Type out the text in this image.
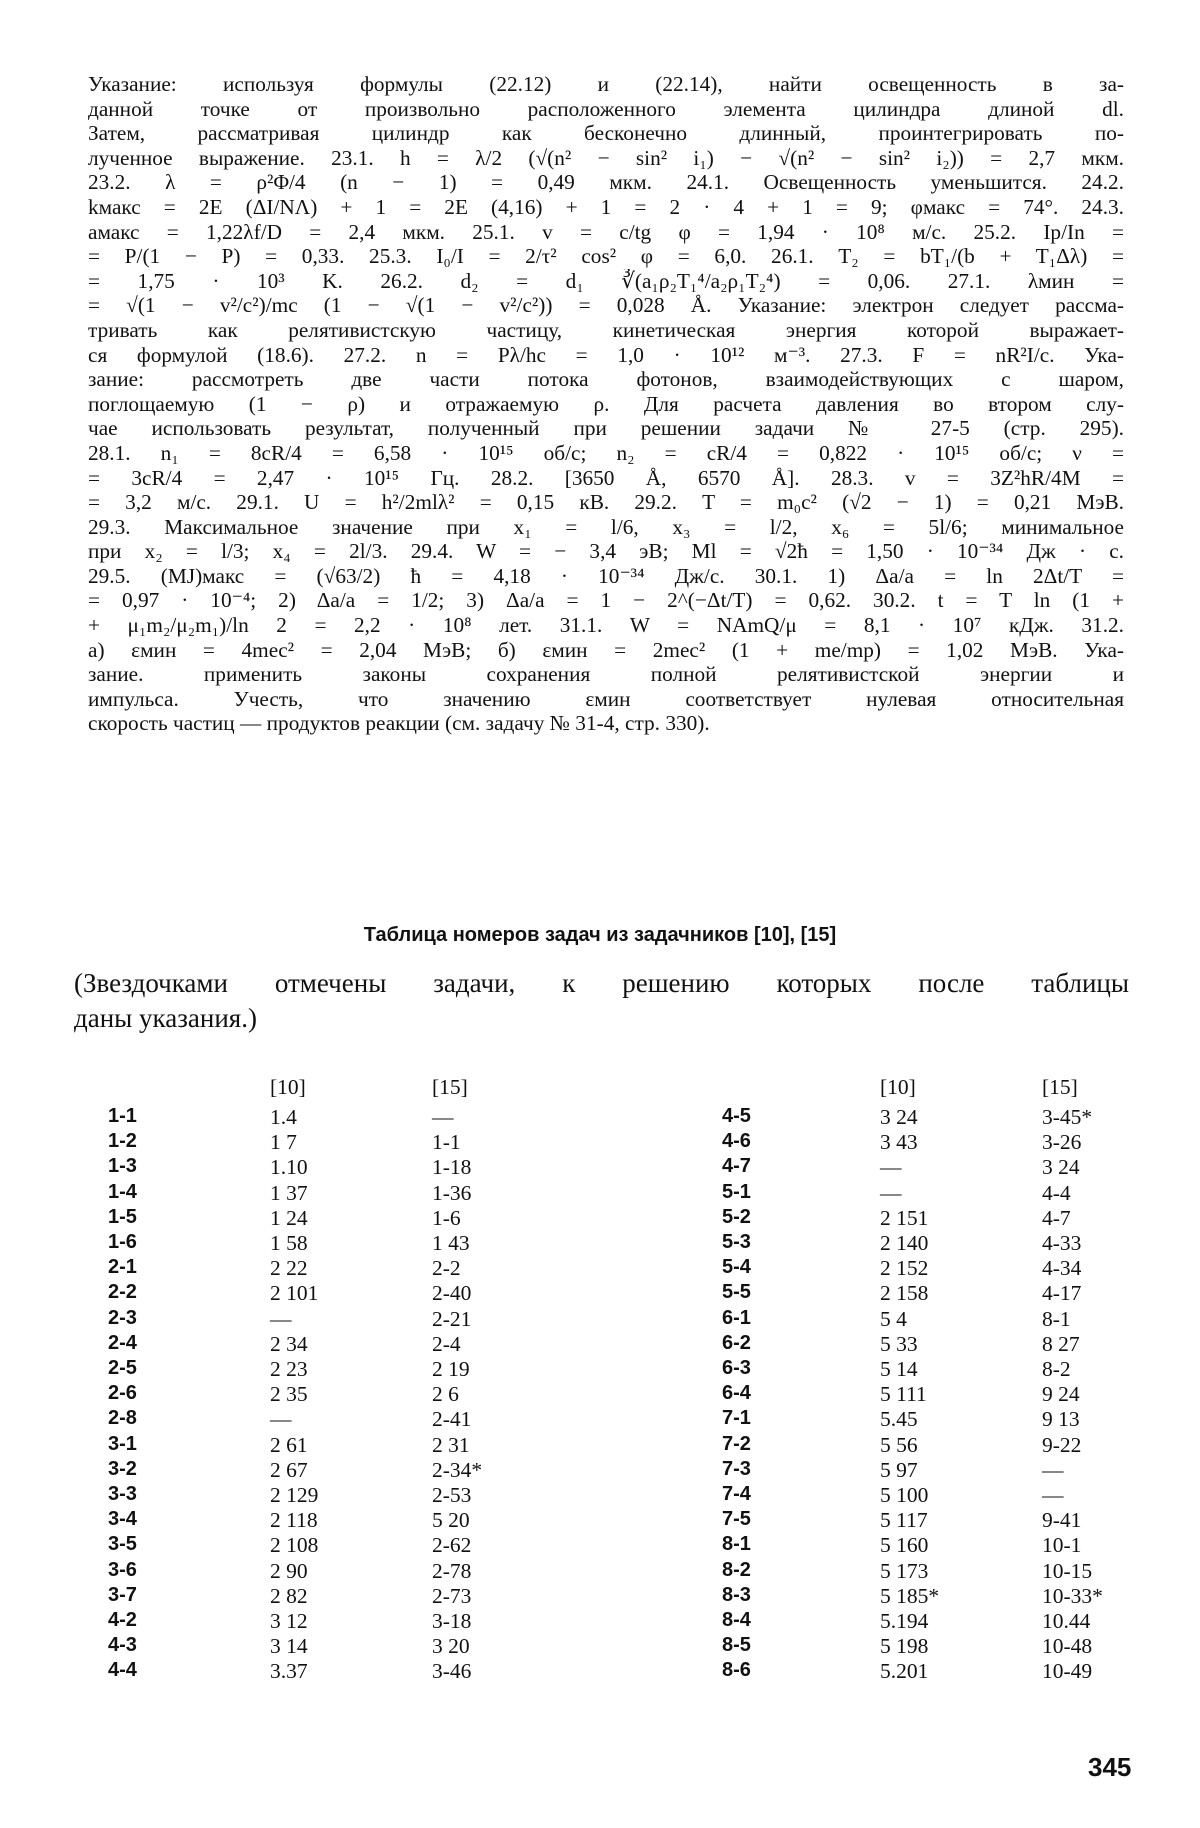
Указание: используя формулы (22.12) и (22.14), найти освещенность в за-
данной точке от произвольно расположенного элемента цилиндра длиной dl.
Затем, рассматривая цилиндр как бесконечно длинный, проинтегрировать по-
лученное выражение. 23.1. h = λ/2 (√(n² − sin² i₁) − √(n² − sin² i₂)) = 2,7 мкм.
23.2. λ = ρ²Φ/4 (n − 1) = 0,49 мкм. 24.1. Освещенность уменьшится. 24.2.
kмакс = 2E (ΔI/NΛ) + 1 = 2E (4,16) + 1 = 2 · 4 + 1 = 9; φмакс = 74°. 24.3.
aмакс = 1,22λf/D = 2,4 мкм. 25.1. v = c/tg φ = 1,94 · 10⁸ м/с. 25.2. Ip/In =
= P/(1 − P) = 0,33. 25.3. I₀/I = 2/τ² cos² φ = 6,0. 26.1. T₂ = bT₁/(b + T₁Δλ) =
= 1,75 · 10³ K. 26.2. d₂ = d₁ ∛(a₁ρ₂T₁⁴/a₂ρ₁T₂⁴) = 0,06. 27.1. λмин =
= √(1 − v²/c²)/mc (1 − √(1 − v²/c²)) = 0,028 Å. Указание: электрон следует рассма-
тривать как релятивистскую частицу, кинетическая энергия которой выражает-
ся формулой (18.6). 27.2. n = Pλ/hc = 1,0 · 10¹² м⁻³. 27.3. F = nR²I/c. Ука-
зание: рассмотреть две части потока фотонов, взаимодействующих с шаром,
поглощаемую (1 − ρ) и отражаемую ρ. Для расчета давления во втором слу-
чае использовать результат, полученный при решении задачи № 27-5 (стр. 295).
28.1. n₁ = 8cR/4 = 6,58 · 10¹⁵ об/с; n₂ = cR/4 = 0,822 · 10¹⁵ об/с; ν =
= 3cR/4 = 2,47 · 10¹⁵ Гц. 28.2. [3650 Å, 6570 Å]. 28.3. v = 3Z²hR/4M =
= 3,2 м/с. 29.1. U = h²/2mlλ² = 0,15 кВ. 29.2. T = m₀c² (√2 − 1) = 0,21 МэВ.
29.3. Максимальное значение при x₁ = l/6, x₃ = l/2, x₆ = 5l/6; минимальное
при x₂ = l/3; x₄ = 2l/3. 29.4. W = − 3,4 эВ; Ml = √2ħ = 1,50 · 10⁻³⁴ Дж · с.
29.5. (MJ)макс = (√63/2) ħ = 4,18 · 10⁻³⁴ Дж/с. 30.1. 1) Δa/a = ln 2Δt/T =
= 0,97 · 10⁻⁴; 2) Δa/a = 1/2; 3) Δa/a = 1 − 2^(−Δt/T) = 0,62. 30.2. t = T ln (1 +
+ μ₁m₂/μ₂m₁)/ln 2 = 2,2 · 10⁸ лет. 31.1. W = NAmQ/μ = 8,1 · 10⁷ кДж. 31.2.
a) εмин = 4mec² = 2,04 МэВ; б) εмин = 2mec² (1 + me/mp) = 1,02 МэВ. Ука-
зание. применить законы сохранения полной релятивистской энергии и
импульса. Учесть, что значению εмин соответствует нулевая относительная
скорость частиц — продуктов реакции (см. задачу № 31-4, стр. 330).
Таблица номеров задач из задачников [10], [15]
(Звездочками отмечены задачи, к решению которых после таблицы
даны указания.)
[10]	[15]
1-1	1.4	—
1-2	1 7	1-1
1-3	1.10	1-18
1-4	1 37	1-36
1-5	1 24	1-6
1-6	1 58	1 43
2-1	2 22	2-2
2-2	2 101	2-40
2-3	—	2-21
2-4	2 34	2-4
2-5	2 23	2 19
2-6	2 35	2 6
2-8	—	2-41
3-1	2 61	2 31
3-2	2 67	2-34*
3-3	2 129	2-53
3-4	2 118	5 20
3-5	2 108	2-62
3-6	2 90	2-78
3-7	2 82	2-73
4-2	3 12	3-18
4-3	3 14	3 20
4-4	3.37	3-46
[10]	[15]
4-5	3 24	3-45*
4-6	3 43	3-26
4-7	—	3 24
5-1	—	4-4
5-2	2 151	4-7
5-3	2 140	4-33
5-4	2 152	4-34
5-5	2 158	4-17
6-1	5 4	8-1
6-2	5 33	8 27
6-3	5 14	8-2
6-4	5 111	9 24
7-1	5.45	9 13
7-2	5 56	9-22
7-3	5 97	—
7-4	5 100	—
7-5	5 117	9-41
8-1	5 160	10-1
8-2	5 173	10-15
8-3	5 185*	10-33*
8-4	5.194	10.44
8-5	5 198	10-48
8-6	5.201	10-49
345
